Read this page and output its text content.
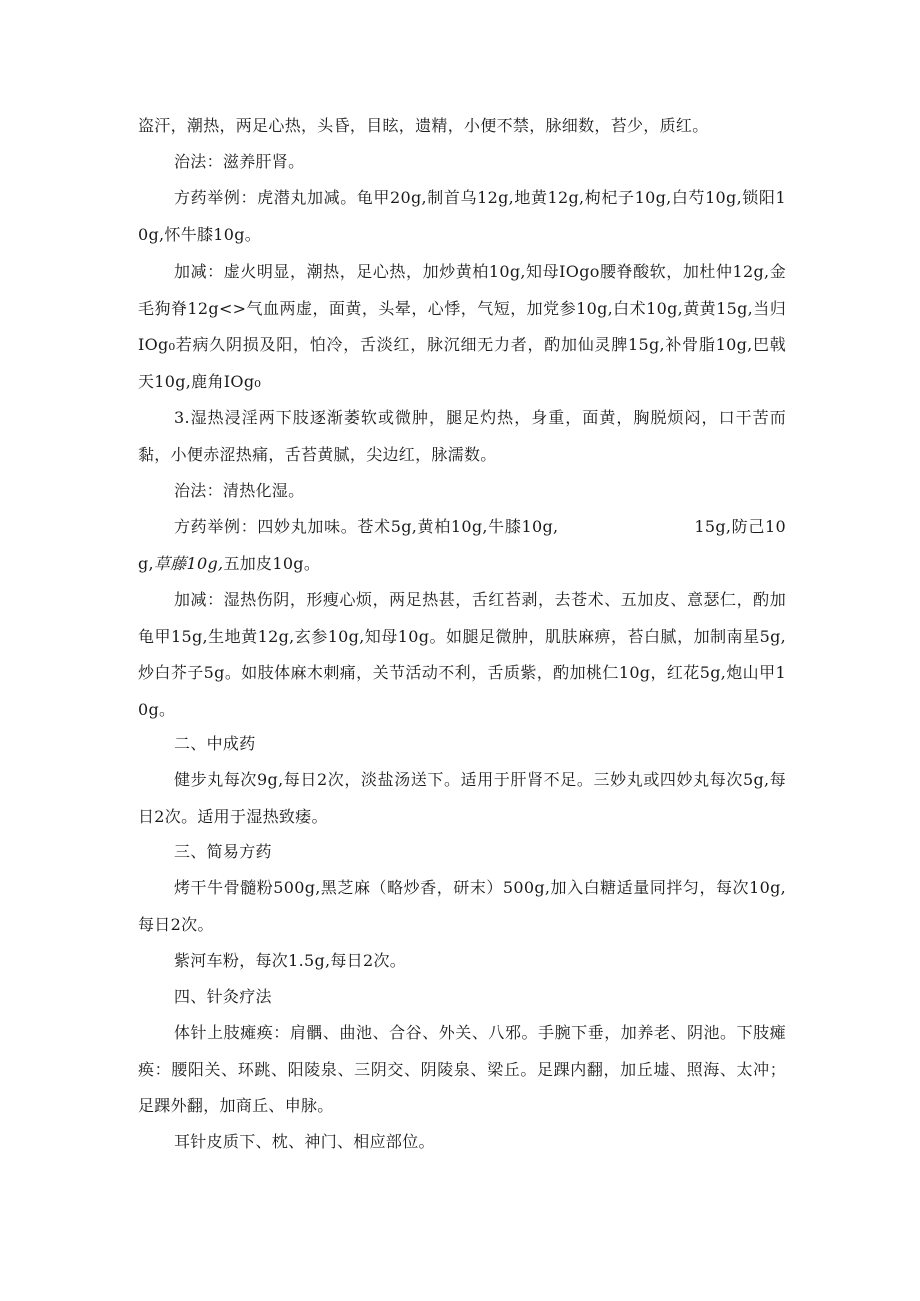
盗汗，潮热，两足心热，头昏，目眩，遗精，小便不禁，脉细数，苔少，质红。

治法：滋养肝肾。

方药举例：虎潜丸加减。龟甲20g,制首乌12g,地黄12g,枸杞子10g,白芍10g,锁阳10g,怀牛膝10g。

加减：虚火明显，潮热，足心热，加炒黄柏10g,知母IOgo腰脊酸软，加杜仲12g,金毛狗脊12g<>气血两虚，面黄，头晕，心悸，气短，加党参10g,白术10g,黄黄15g,当归IOg₀若病久阴损及阳，怕冷，舌淡红，脉沉细无力者，酌加仙灵脾15g,补骨脂10g,巴戟天10g,鹿角IOg₀

3.湿热浸淫两下肢逐渐萎软或微肿，腿足灼热，身重，面黄，胸脱烦闷，口干苦而黏，小便赤涩热痛，舌苔黄腻，尖边红，脉濡数。

治法：清热化湿。

方药举例：四妙丸加味。苍术5g,黄柏10g,牛膝10g,	15g,防己10g,草藤10g,五加皮10g。

加减：湿热伤阴，形瘦心烦，两足热甚，舌红苔剥，去苍术、五加皮、意瑟仁，酌加龟甲15g,生地黄12g,玄参10g,知母10g。如腿足微肿，肌肤麻痹，苔白腻，加制南星5g,炒白芥子5g。如肢体麻木刺痛，关节活动不利，舌质紫，酌加桃仁10g，红花5g,炮山甲10g。

二、中成药

健步丸每次9g,每日2次，淡盐汤送下。适用于肝肾不足。三妙丸或四妙丸每次5g,每日2次。适用于湿热致痿。

三、简易方药

烤干牛骨髓粉500g,黑芝麻（略炒香，研末）500g,加入白糖适量同拌匀，每次10g,每日2次。

紫河车粉，每次1.5g,每日2次。

四、针灸疗法

体针上肢瘫痪：肩髃、曲池、合谷、外关、八邪。手腕下垂，加养老、阴池。下肢瘫痪：腰阳关、环跳、阳陵泉、三阴交、阴陵泉、梁丘。足踝内翻，加丘墟、照海、太冲；足踝外翻，加商丘、申脉。

耳针皮质下、枕、神门、相应部位。
